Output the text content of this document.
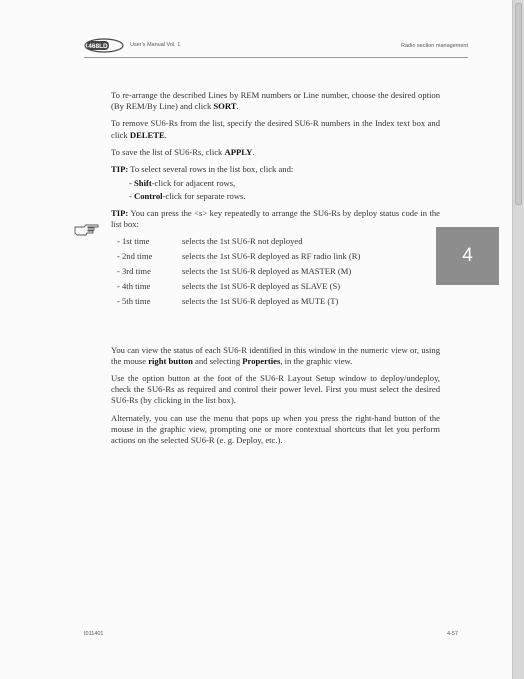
468LD	User's Manual Vol. 1	Radio section management

To re-arrange the described Lines by REM numbers or Line number, choose the desired option (By REM/By Line) and click SORT.

To remove SU6-Rs from the list, specify the desired SU6-R numbers in the Index text box and click DELETE.

To save the list of SU6-Rs, click APPLY.

TIP: To select several rows in the list box, click and:

- Shift-click for adjacent rows,
- Control-click for separate rows.

TIP: You can press the <s> key repeatedly to arrange the SU6-Rs by deploy status code in the list box:

- 1st time	selects the 1st SU6-R not deployed
- 2nd time	selects the 1st SU6-R deployed as RF radio link (R)
- 3rd time	selects the 1st SU6-R deployed as MASTER (M)
- 4th time	selects the 1st SU6-R deployed as SLAVE (S)
- 5th time	selects the 1st SU6-R deployed as MUTE (T)

You can view the status of each SU6-R identified in this window in the numeric view or, using the mouse right button and selecting Properties, in the graphic view.

Use the option button at the foot of the SU6-R Layout Setup window to deploy/undeploy, check the SU6-Rs as required and control their power level. First you must select the desired SU6-Rs (by clicking in the list box).

Alternately, you can use the menu that pops up when you press the right-hand button of the mouse in the graphic view, prompting one or more contextual shortcuts that let you perform actions on the selected SU6-R (e. g. Deploy, etc.).

4
I011401	4-57
